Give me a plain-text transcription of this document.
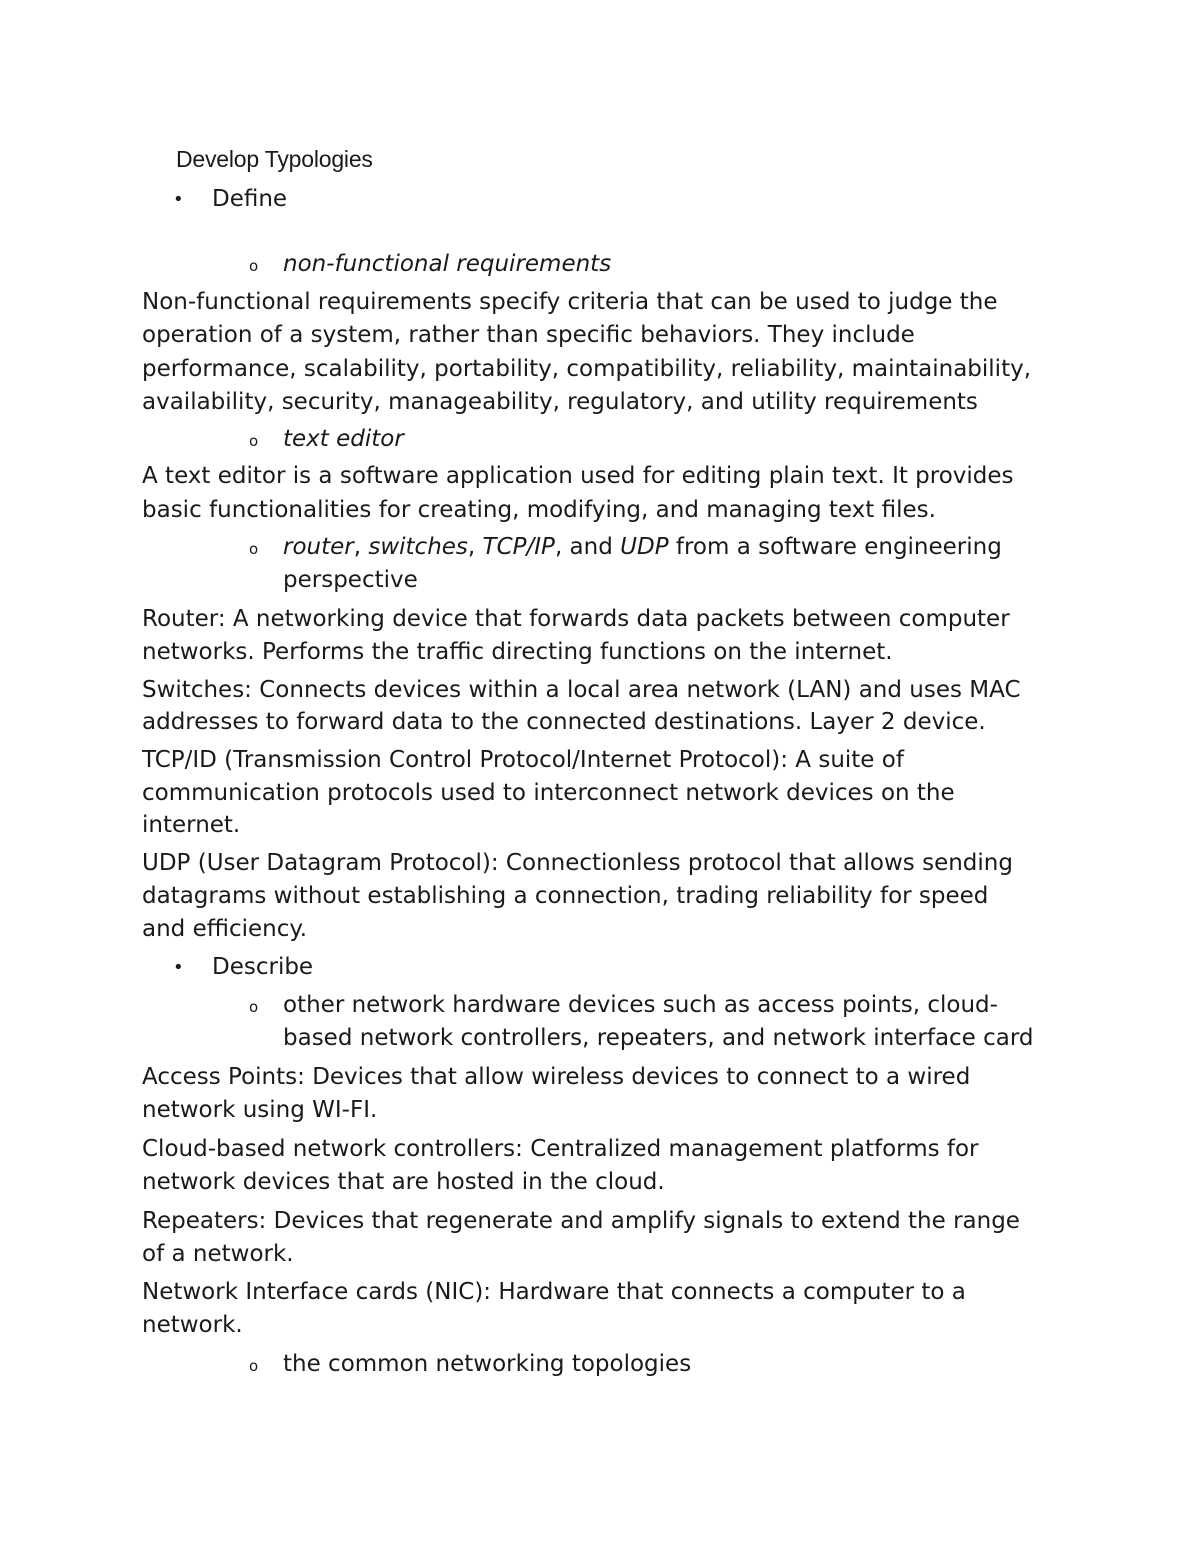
Develop Typologies
• Define
o non-functional requirements
Non-functional requirements specify criteria that can be used to judge the
operation of a system, rather than specific behaviors. They include
performance, scalability, portability, compatibility, reliability, maintainability,
availability, security, manageability, regulatory, and utility requirements
o text editor
A text editor is a software application used for editing plain text. It provides
basic functionalities for creating, modifying, and managing text files.
o router, switches, TCP/IP, and UDP from a software engineering
perspective
Router: A networking device that forwards data packets between computer
networks. Performs the traffic directing functions on the internet.
Switches: Connects devices within a local area network (LAN) and uses MAC
addresses to forward data to the connected destinations. Layer 2 device.
TCP/ID (Transmission Control Protocol/Internet Protocol): A suite of
communication protocols used to interconnect network devices on the
internet.
UDP (User Datagram Protocol): Connectionless protocol that allows sending
datagrams without establishing a connection, trading reliability for speed
and efficiency.
• Describe
o other network hardware devices such as access points, cloud-
based network controllers, repeaters, and network interface card
Access Points: Devices that allow wireless devices to connect to a wired
network using WI-FI.
Cloud-based network controllers: Centralized management platforms for
network devices that are hosted in the cloud.
Repeaters: Devices that regenerate and amplify signals to extend the range
of a network.
Network Interface cards (NIC): Hardware that connects a computer to a
network.
o the common networking topologies
